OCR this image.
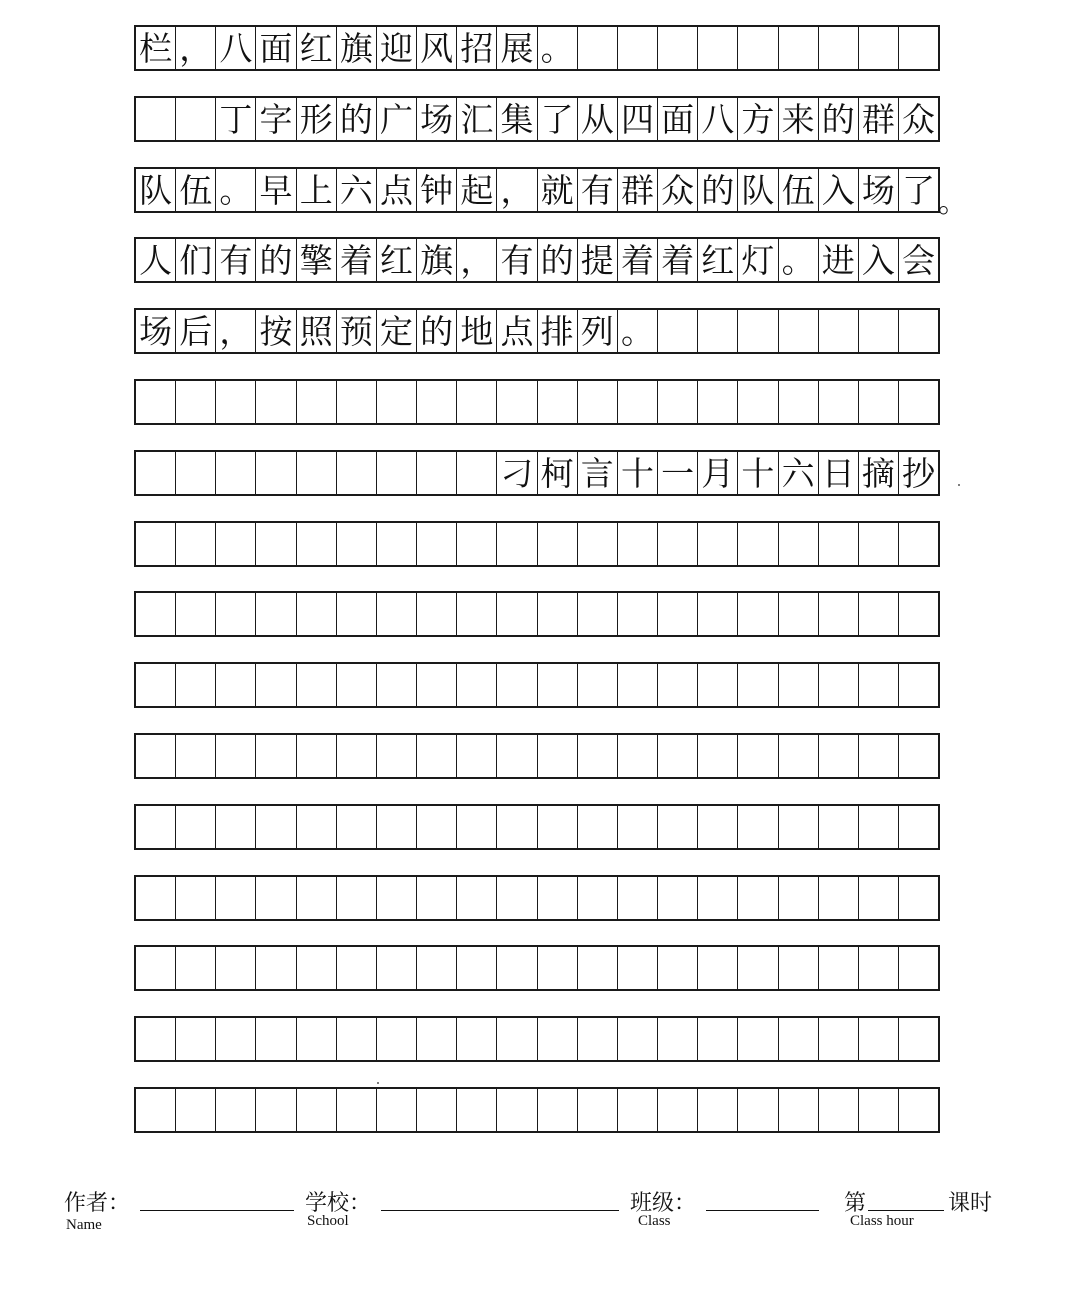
栏 ， 八 面 红 旗 迎 风 招 展 。
丁 字 形 的 广 场 汇 集 了 从 四 面 八 方 来 的 群 众
队 伍 。 早 上 六 点 钟 起 ， 就 有 群 众 的 队 伍 入 场 了
人 们 有 的 擎 着 红 旗 ， 有 的 提 着 着 红 灯 。 进 入 会
场 后 ， 按 照 预 定 的 地 点 排 列 。
刁 柯 言 十 一 月 十 六 日 摘 抄
。
作者：
Name
学校：
School
班级：
Class
第	课时
Class hour
